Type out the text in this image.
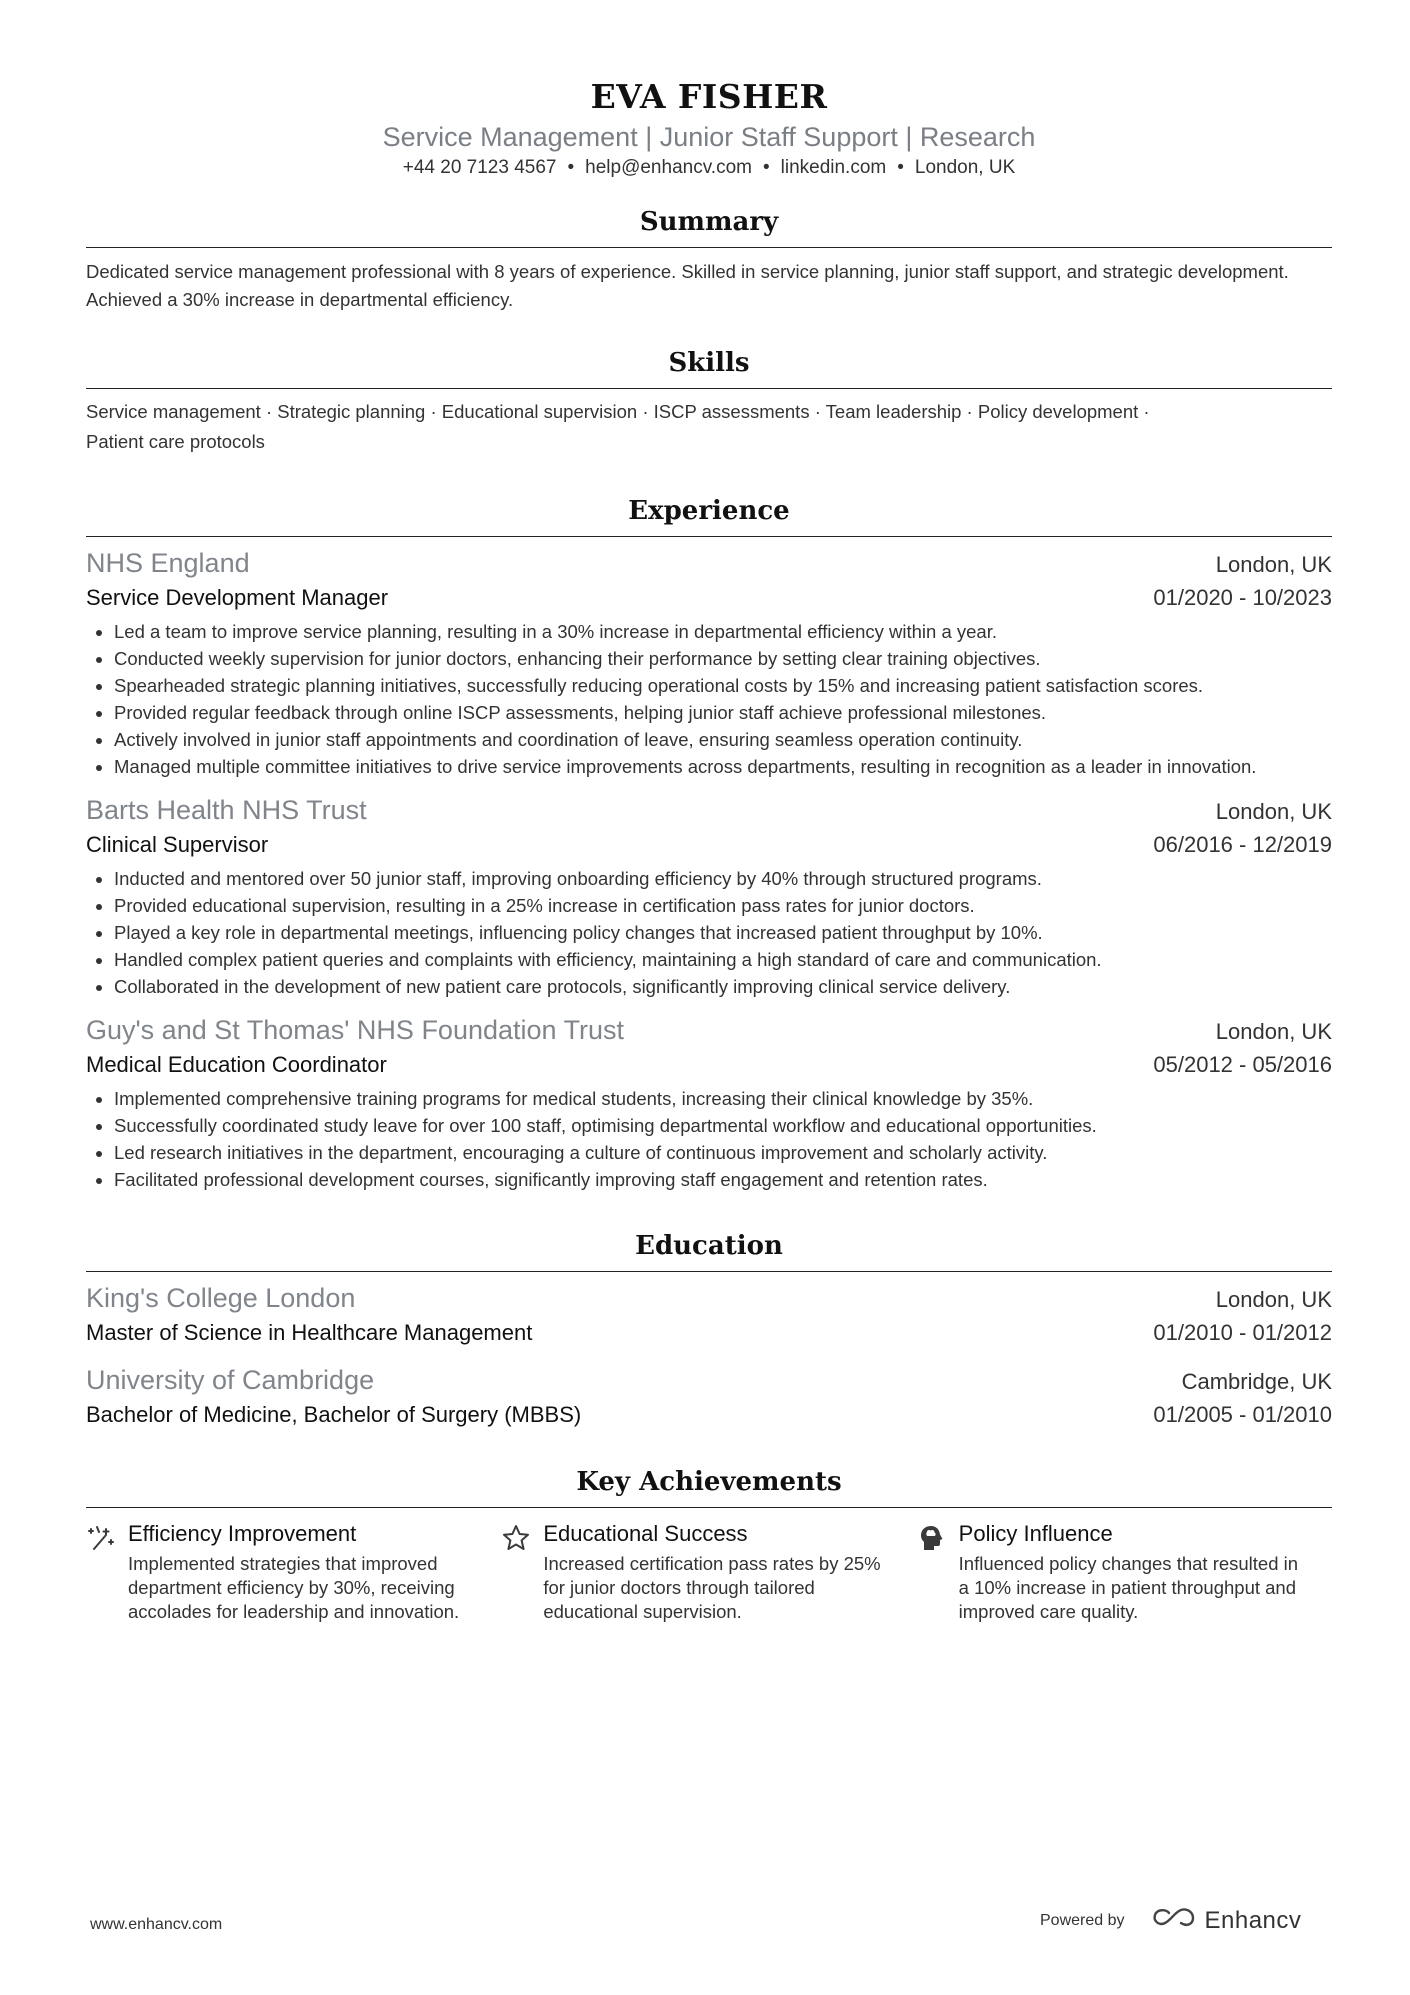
EVA FISHER
Service Management | Junior Staff Support | Research
+44 20 7123 4567 • help@enhancv.com • linkedin.com • London, UK
Summary
Dedicated service management professional with 8 years of experience. Skilled in service planning, junior staff support, and strategic development. Achieved a 30% increase in departmental efficiency.
Skills
Service management · Strategic planning · Educational supervision · ISCP assessments · Team leadership · Policy development ·
Patient care protocols
Experience
NHS England	London, UK
Service Development Manager	01/2020 - 10/2023
• Led a team to improve service planning, resulting in a 30% increase in departmental efficiency within a year.
• Conducted weekly supervision for junior doctors, enhancing their performance by setting clear training objectives.
• Spearheaded strategic planning initiatives, successfully reducing operational costs by 15% and increasing patient satisfaction scores.
• Provided regular feedback through online ISCP assessments, helping junior staff achieve professional milestones.
• Actively involved in junior staff appointments and coordination of leave, ensuring seamless operation continuity.
• Managed multiple committee initiatives to drive service improvements across departments, resulting in recognition as a leader in innovation.
Barts Health NHS Trust	London, UK
Clinical Supervisor	06/2016 - 12/2019
• Inducted and mentored over 50 junior staff, improving onboarding efficiency by 40% through structured programs.
• Provided educational supervision, resulting in a 25% increase in certification pass rates for junior doctors.
• Played a key role in departmental meetings, influencing policy changes that increased patient throughput by 10%.
• Handled complex patient queries and complaints with efficiency, maintaining a high standard of care and communication.
• Collaborated in the development of new patient care protocols, significantly improving clinical service delivery.
Guy's and St Thomas' NHS Foundation Trust	London, UK
Medical Education Coordinator	05/2012 - 05/2016
• Implemented comprehensive training programs for medical students, increasing their clinical knowledge by 35%.
• Successfully coordinated study leave for over 100 staff, optimising departmental workflow and educational opportunities.
• Led research initiatives in the department, encouraging a culture of continuous improvement and scholarly activity.
• Facilitated professional development courses, significantly improving staff engagement and retention rates.
Education
King's College London	London, UK
Master of Science in Healthcare Management	01/2010 - 01/2012
University of Cambridge	Cambridge, UK
Bachelor of Medicine, Bachelor of Surgery (MBBS)	01/2005 - 01/2010
Key Achievements
Efficiency Improvement
Implemented strategies that improved department efficiency by 30%, receiving accolades for leadership and innovation.
Educational Success
Increased certification pass rates by 25% for junior doctors through tailored educational supervision.
Policy Influence
Influenced policy changes that resulted in a 10% increase in patient throughput and improved care quality.
www.enhancv.com	Powered by	Enhancv
